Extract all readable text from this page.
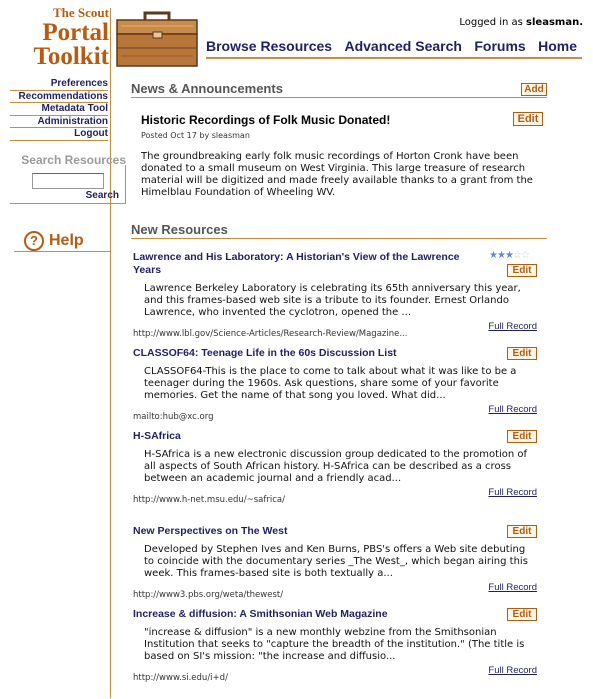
The Scout
Portal
Toolkit
Logged in as sleasman.
Browse Resources Advanced Search Forums Home
Preferences
Recommendations
Metadata Tool
Administration
Logout
Search Resources
Search
? Help
News & Announcements	Add
Historic Recordings of Folk Music Donated!	Edit
Posted Oct 17 by sleasman
The groundbreaking early folk music recordings of Horton Cronk have been donated to a small museum on West Virginia. This large treasure of research material will be digitized and made freely available thanks to a grant from the Himelblau Foundation of Wheeling WV.
New Resources
★★★☆☆
Lawrence and His Laboratory: A Historian's View of the Lawrence Years
Lawrence Berkeley Laboratory is celebrating its 65th anniversary this year, and this frames-based web site is a tribute to its founder. Ernest Orlando Lawrence, who invented the cyclotron, opened the ...
http://www.lbl.gov/Science-Articles/Research-Review/Magazine...
Full Record
Edit
CLASSOF64: Teenage Life in the 60s Discussion List
CLASSOF64-This is the place to come to talk about what it was like to be a teenager during the 1960s. Ask questions, share some of your favorite memories. Get the name of that song you loved. What did...
mailto:hub@xc.org
Full Record
Edit
H-SAfrica
H-SAfrica is a new electronic discussion group dedicated to the promotion of all aspects of South African history. H-SAfrica can be described as a cross between an academic journal and a friendly acad...
http://www.h-net.msu.edu/~safrica/
Full Record
Edit
New Perspectives on The West
Developed by Stephen Ives and Ken Burns, PBS's offers a Web site debuting to coincide with the documentary series _The West_, which began airing this week. This frames-based site is both textually a...
http://www3.pbs.org/weta/thewest/
Full Record
Edit
Increase & diffusion: A Smithsonian Web Magazine
"increase & diffusion" is a new monthly webzine from the Smithsonian Institution that seeks to "capture the breadth of the institution." (The title is based on SI's mission: "the increase and diffusio...
http://www.si.edu/i+d/
Full Record
Edit
